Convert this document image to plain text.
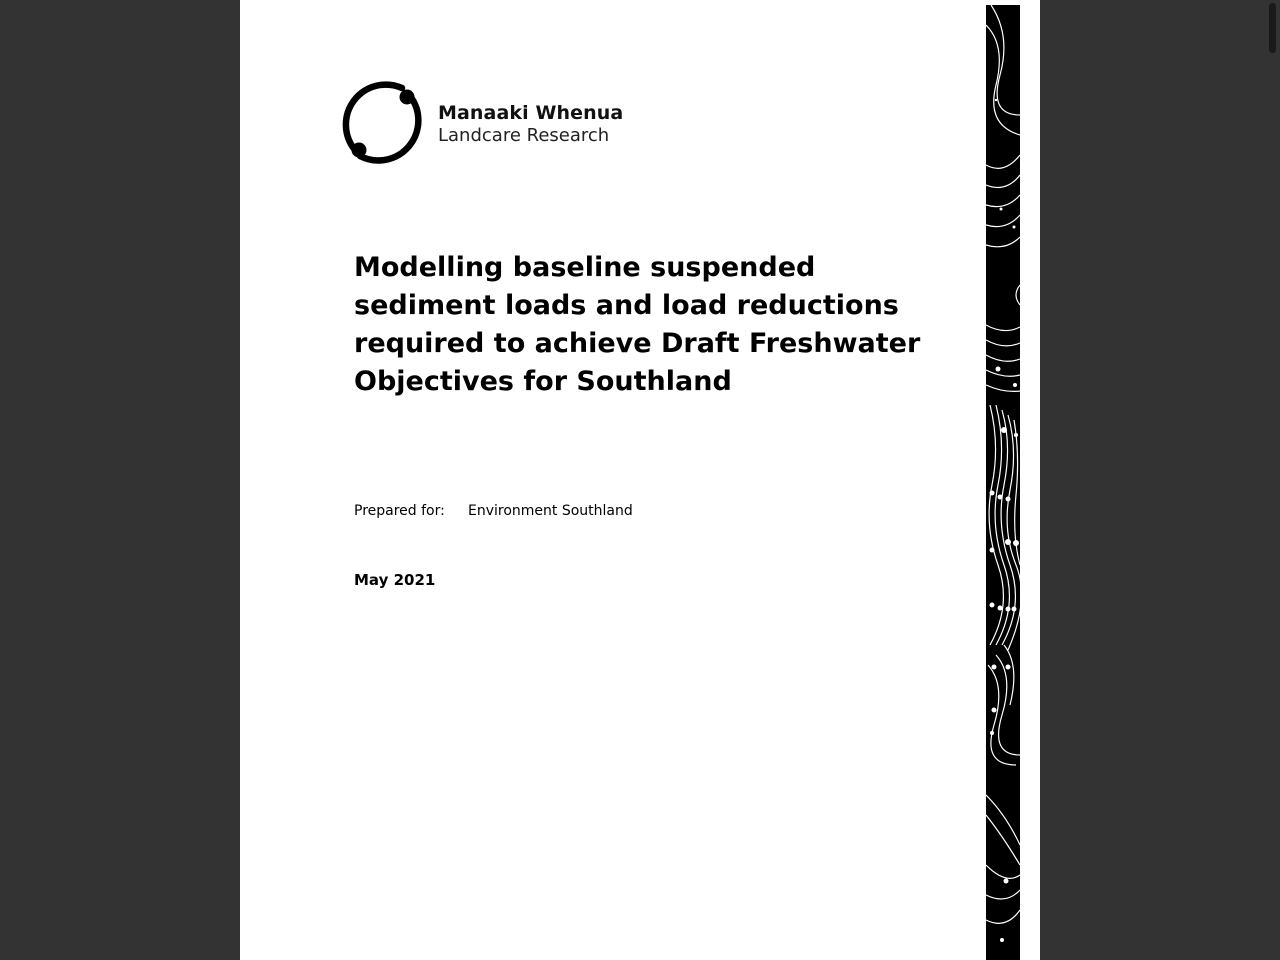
Manaaki Whenua
Landcare Research
Modelling baseline suspended sediment loads and load reductions required to achieve Draft Freshwater Objectives for Southland
Prepared for: Environment Southland
May 2021
